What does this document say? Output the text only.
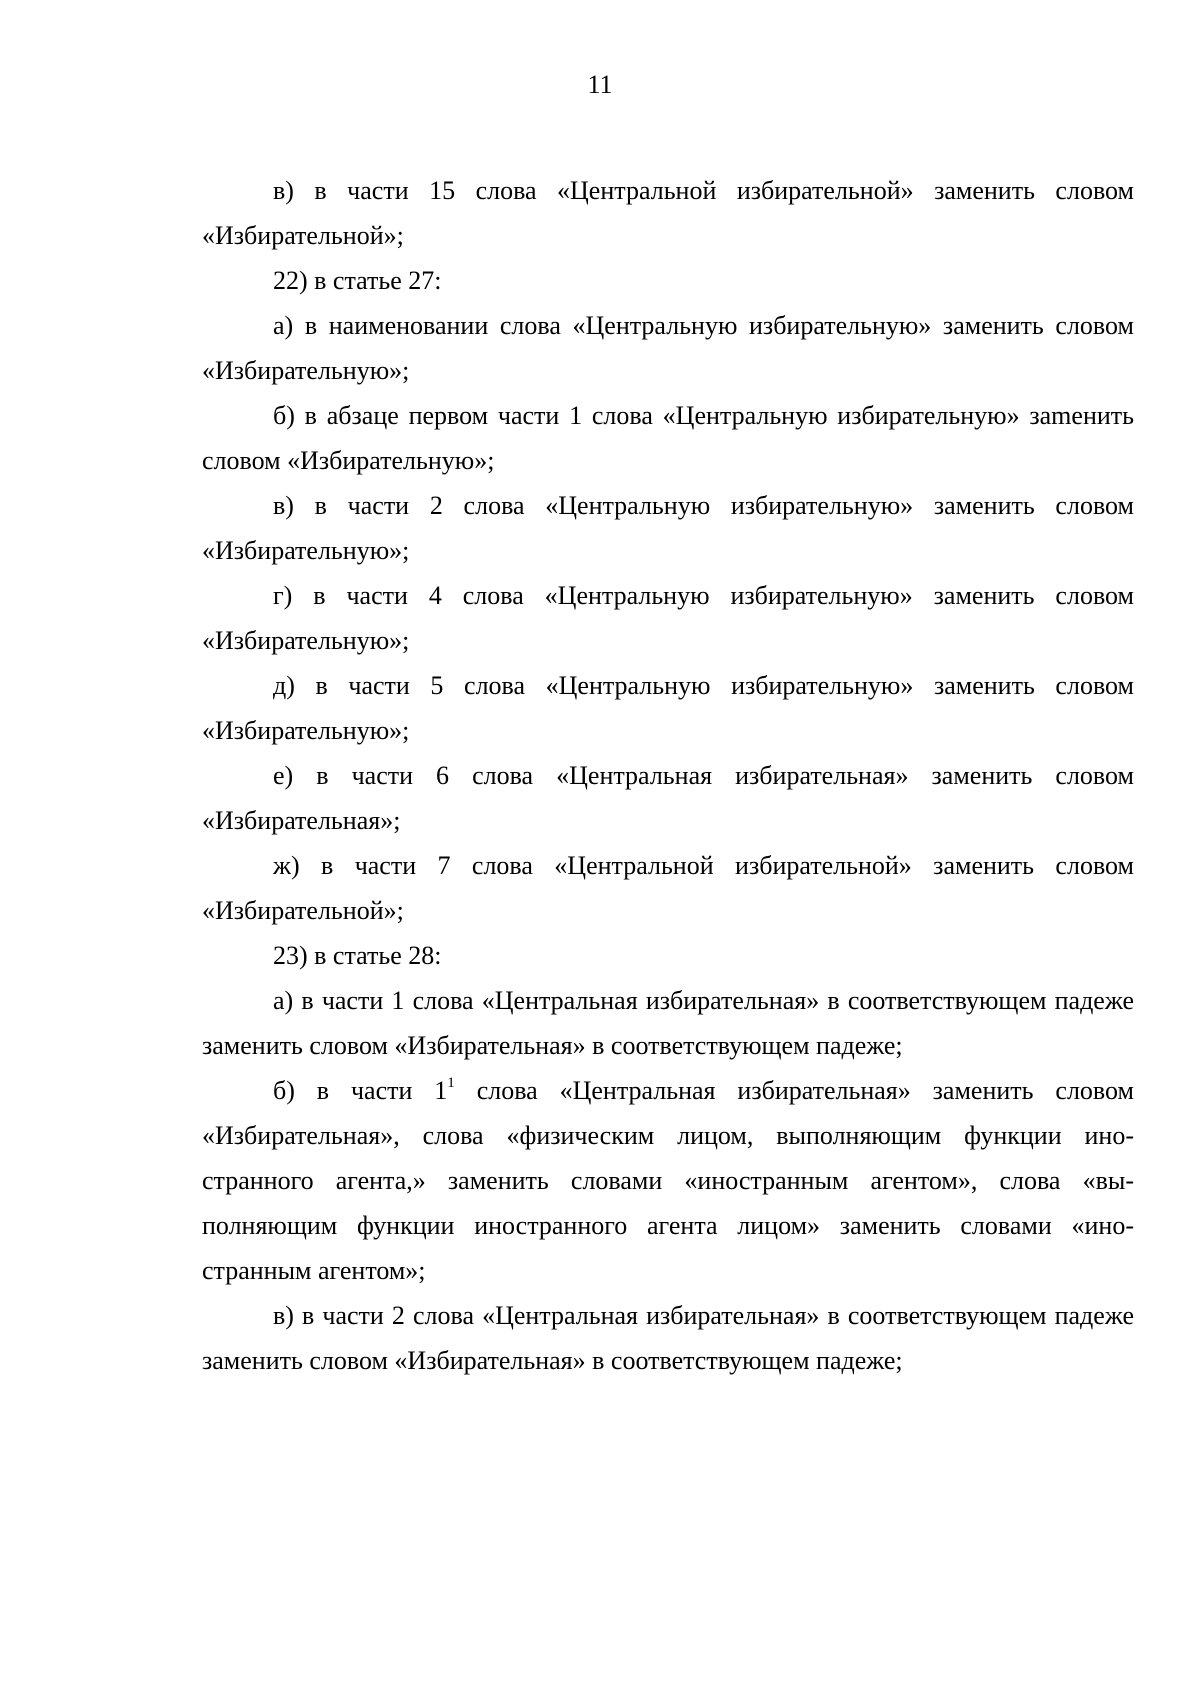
11

в) в части 15 слова «Центральной избирательной» заменить словом «Избирательной»;

22) в статье 27:

а) в наименовании слова «Центральную избирательную» заменить словом «Избирательную»;

б) в абзаце первом части 1 слова «Центральную избирательную» заmенить словом «Избирательную»;

в) в части 2 слова «Центральную избирательную» заменить словом «Избирательную»;

г) в части 4 слова «Центральную избирательную» заменить словом «Избирательную»;

д) в части 5 слова «Центральную избирательную» заменить словом «Избирательную»;

е) в части 6 слова «Центральная избирательная» заменить словом «Избирательная»;

ж) в части 7 слова «Центральной избирательной» заменить словом «Избирательной»;

23) в статье 28:

а) в части 1 слова «Центральная избирательная» в соответствующем падеже заменить словом «Избирательная» в соответствующем падеже;

б) в части $1^1$ слова «Центральная избирательная» заменить словом «Избирательная», слова «физическим лицом, выполняющим функции иностранного агента,» заменить словами «иностранным агентом», слова «выполняющим функции иностранного агента лицом» заменить словами «иностранным агентом»;

в) в части 2 слова «Центральная избирательная» в соответствующем падеже заменить словом «Избирательная» в соответствующем падеже;
